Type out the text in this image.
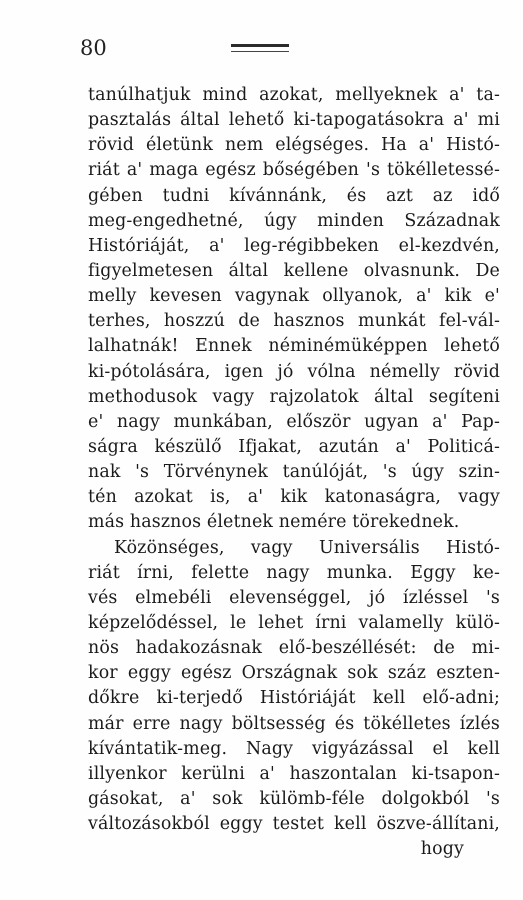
80
tanúlhatjuk mind azokat, mellyeknek a' ta-
pasztalás által lehető ki-tapogatásokra a' mi
rövid életünk nem elégséges. Ha a' Histó-
riát a' maga egész bőségében 's tökélletessé-
gében tudni kívánnánk, és azt az idő
meg-engedhetné, úgy minden Századnak
Históriáját, a' leg-régibbeken el-kezdvén,
figyelmetesen által kellene olvasnunk. De
melly kevesen vagynak ollyanok, a' kik e'
terhes, hoszzú de hasznos munkát fel-vál-
lalhatnák! Ennek néminémüképpen lehető
ki-pótolására, igen jó vólna némelly rövid
methodusok vagy rajzolatok által segíteni
e' nagy munkában, először ugyan a' Pap-
ságra készülő Ifjakat, azután a' Politicá-
nak 's Törvénynek tanúlóját, 's úgy szin-
tén azokat is, a' kik katonaságra, vagy
más hasznos életnek nemére törekednek.
Közönséges, vagy Universális Histó-
riát írni, felette nagy munka. Eggy ke-
vés elmebéli elevenséggel, jó ízléssel 's
képzelődéssel, le lehet írni valamelly külö-
nös hadakozásnak elő-beszéllését: de mi-
kor eggy egész Országnak sok száz eszten-
dőkre ki-terjedő Históriáját kell elő-adni;
már erre nagy böltsesség és tökélletes ízlés
kívántatik-meg. Nagy vigyázással el kell
illyenkor kerülni a' haszontalan ki-tsapon-
gásokat, a' sok külömb-féle dolgokból 's
változásokból eggy testet kell öszve-állítani,
hogy
